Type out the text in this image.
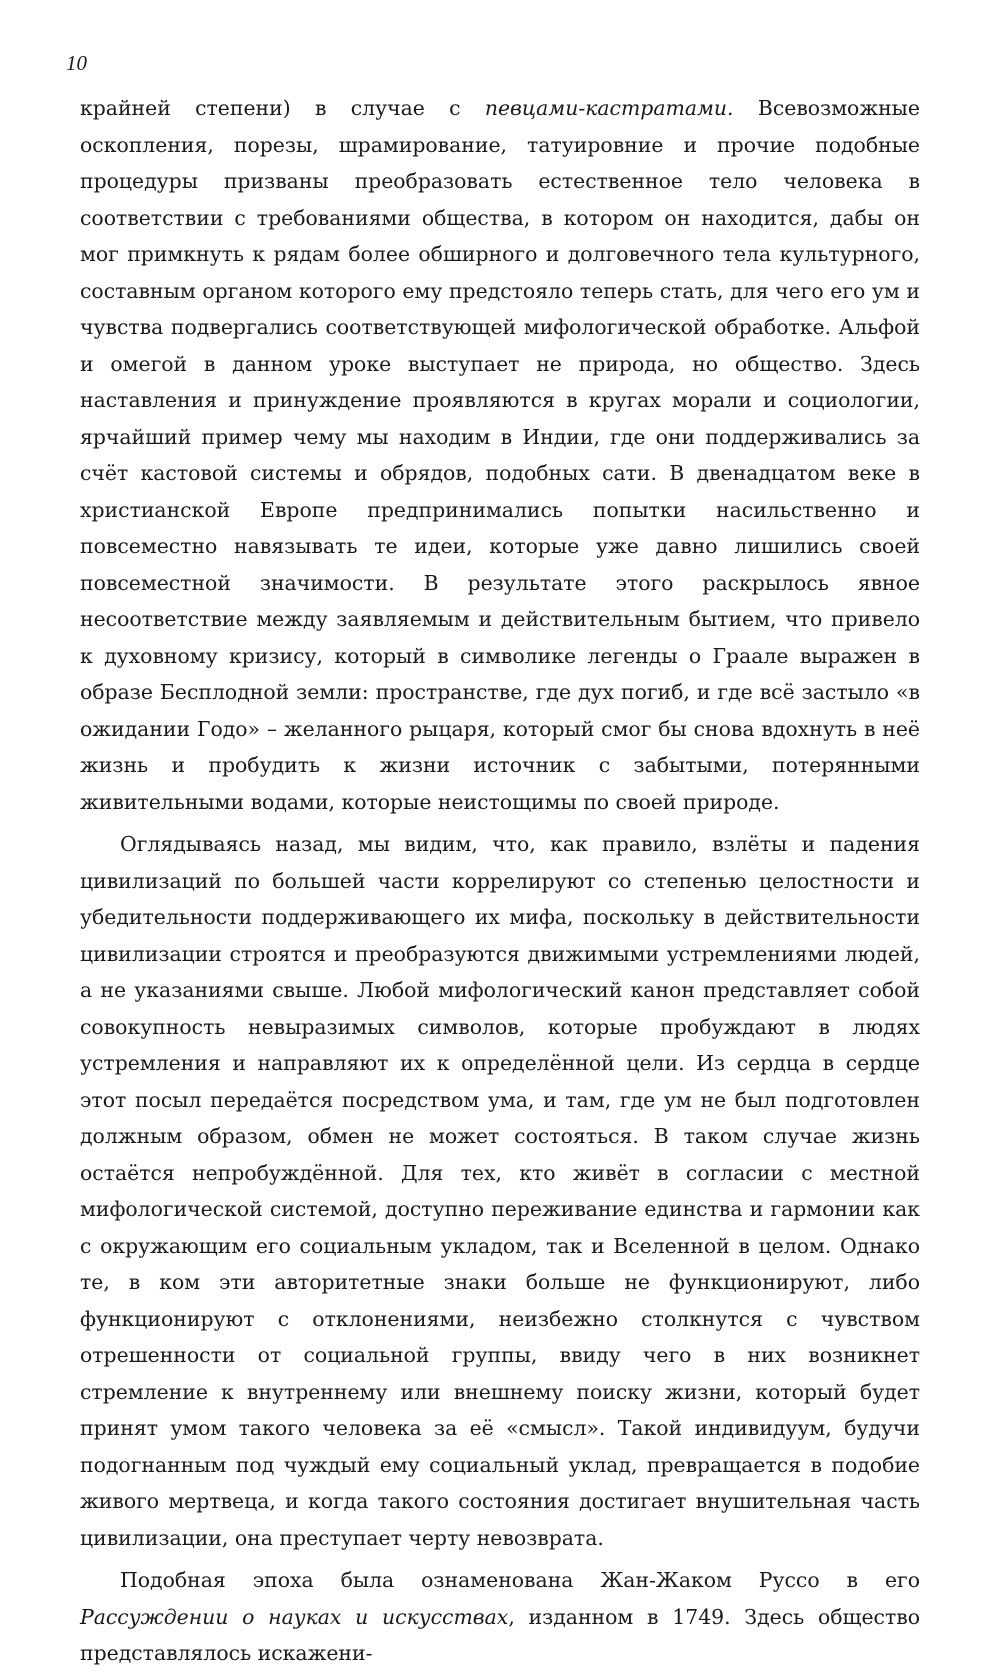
10

крайней степени) в случае с певцами-кастратами. Всевозможные оскопления, порезы, шрамирование, татуировние и прочие подобные процедуры призваны преобразовать естественное тело человека в соответствии с требованиями общества, в котором он находится, дабы он мог примкнуть к рядам более обширного и долговечного тела культурного, составным органом которого ему предстояло теперь стать, для чего его ум и чувства подвергались соответствующей мифологической обработке. Альфой и омегой в данном уроке выступает не природа, но общество. Здесь наставления и принуждение проявляются в кругах морали и социологии, ярчайший пример чему мы находим в Индии, где они поддерживались за счёт кастовой системы и обрядов, подобных сати. В двенадцатом веке в христианской Европе предпринимались попытки насильственно и повсеместно навязывать те идеи, которые уже давно лишились своей повсеместной значимости. В результате этого раскрылось явное несоответствие между заявляемым и действительным бытием, что привело к духовному кризису, который в символике легенды о Граале выражен в образе Бесплодной земли: пространстве, где дух погиб, и где всё застыло «в ожидании Годо» – желанного рыцаря, который смог бы снова вдохнуть в неё жизнь и пробудить к жизни источник с забытыми, потерянными живительными водами, которые неистощимы по своей природе.

Оглядываясь назад, мы видим, что, как правило, взлёты и падения цивилизаций по большей части коррелируют со степенью целостности и убедительности поддерживающего их мифа, поскольку в действительности цивилизации строятся и преобразуются движимыми устремлениями людей, а не указаниями свыше. Любой мифологический канон представляет собой совокупность невыразимых символов, которые пробуждают в людях устремления и направляют их к определённой цели. Из сердца в сердце этот посыл передаётся посредством ума, и там, где ум не был подготовлен должным образом, обмен не может состояться. В таком случае жизнь остаётся непробуждённой. Для тех, кто живёт в согласии с местной мифологической системой, доступно переживание единства и гармонии как с окружающим его социальным укладом, так и Вселенной в целом. Однако те, в ком эти авторитетные знаки больше не функционируют, либо функционируют с отклонениями, неизбежно столкнутся с чувством отрешенности от социальной группы, ввиду чего в них возникнет стремление к внутреннему или внешнему поиску жизни, который будет принят умом такого человека за её «смысл». Такой индивидуум, будучи подогнанным под чуждый ему социальный уклад, превращается в подобие живого мертвеца, и когда такого состояния достигает внушительная часть цивилизации, она преступает черту невозврата.

Подобная эпоха была ознаменована Жан-Жаком Руссо в его Рассуждении о науках и искусствах, изданном в 1749. Здесь общество представлялось искажени-
